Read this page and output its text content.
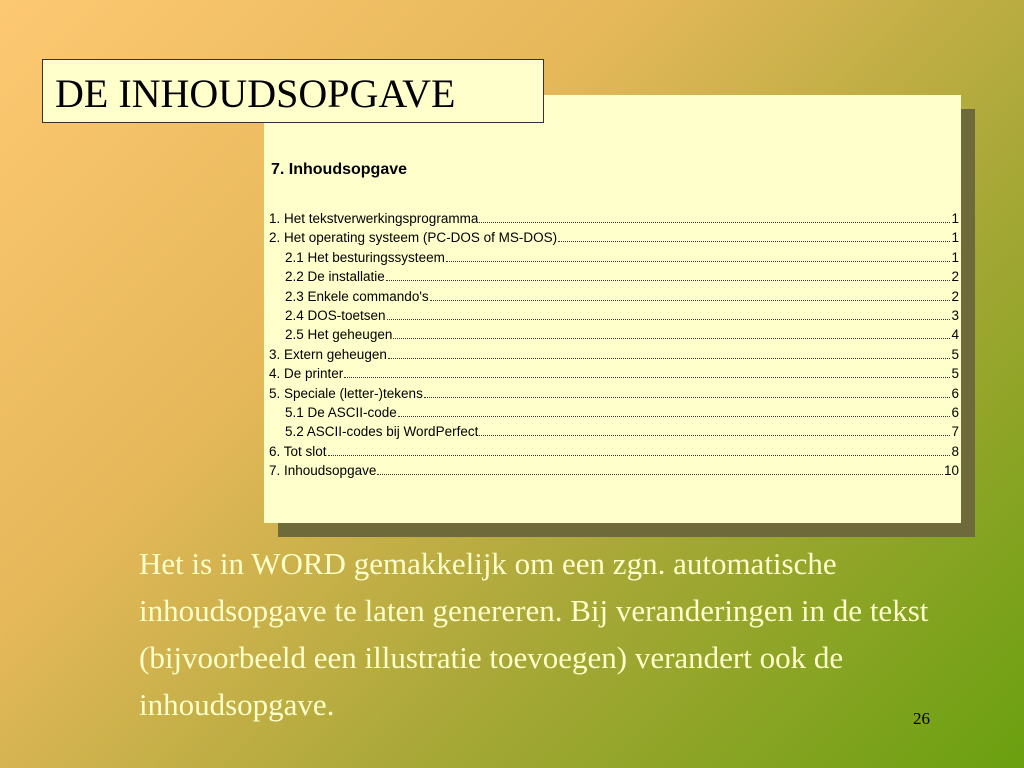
DE INHOUDSOPGAVE
7. Inhoudsopgave
1. Het tekstverwerkingsprogramma	1
2. Het operating systeem (PC-DOS of MS-DOS)	1
2.1 Het besturingssysteem	1
2.2 De installatie	2
2.3 Enkele commando's	2
2.4 DOS-toetsen	3
2.5 Het geheugen	4
3. Extern geheugen	5
4. De printer	5
5. Speciale (letter-)tekens	6
5.1 De ASCII-code	6
5.2 ASCII-codes bij WordPerfect	7
6. Tot slot	8
7. Inhoudsopgave	10
Het is in WORD gemakkelijk om een zgn. automatische inhoudsopgave te laten genereren. Bij veranderingen in de tekst (bijvoorbeeld een illustratie toevoegen) verandert ook de inhoudsopgave.	26
